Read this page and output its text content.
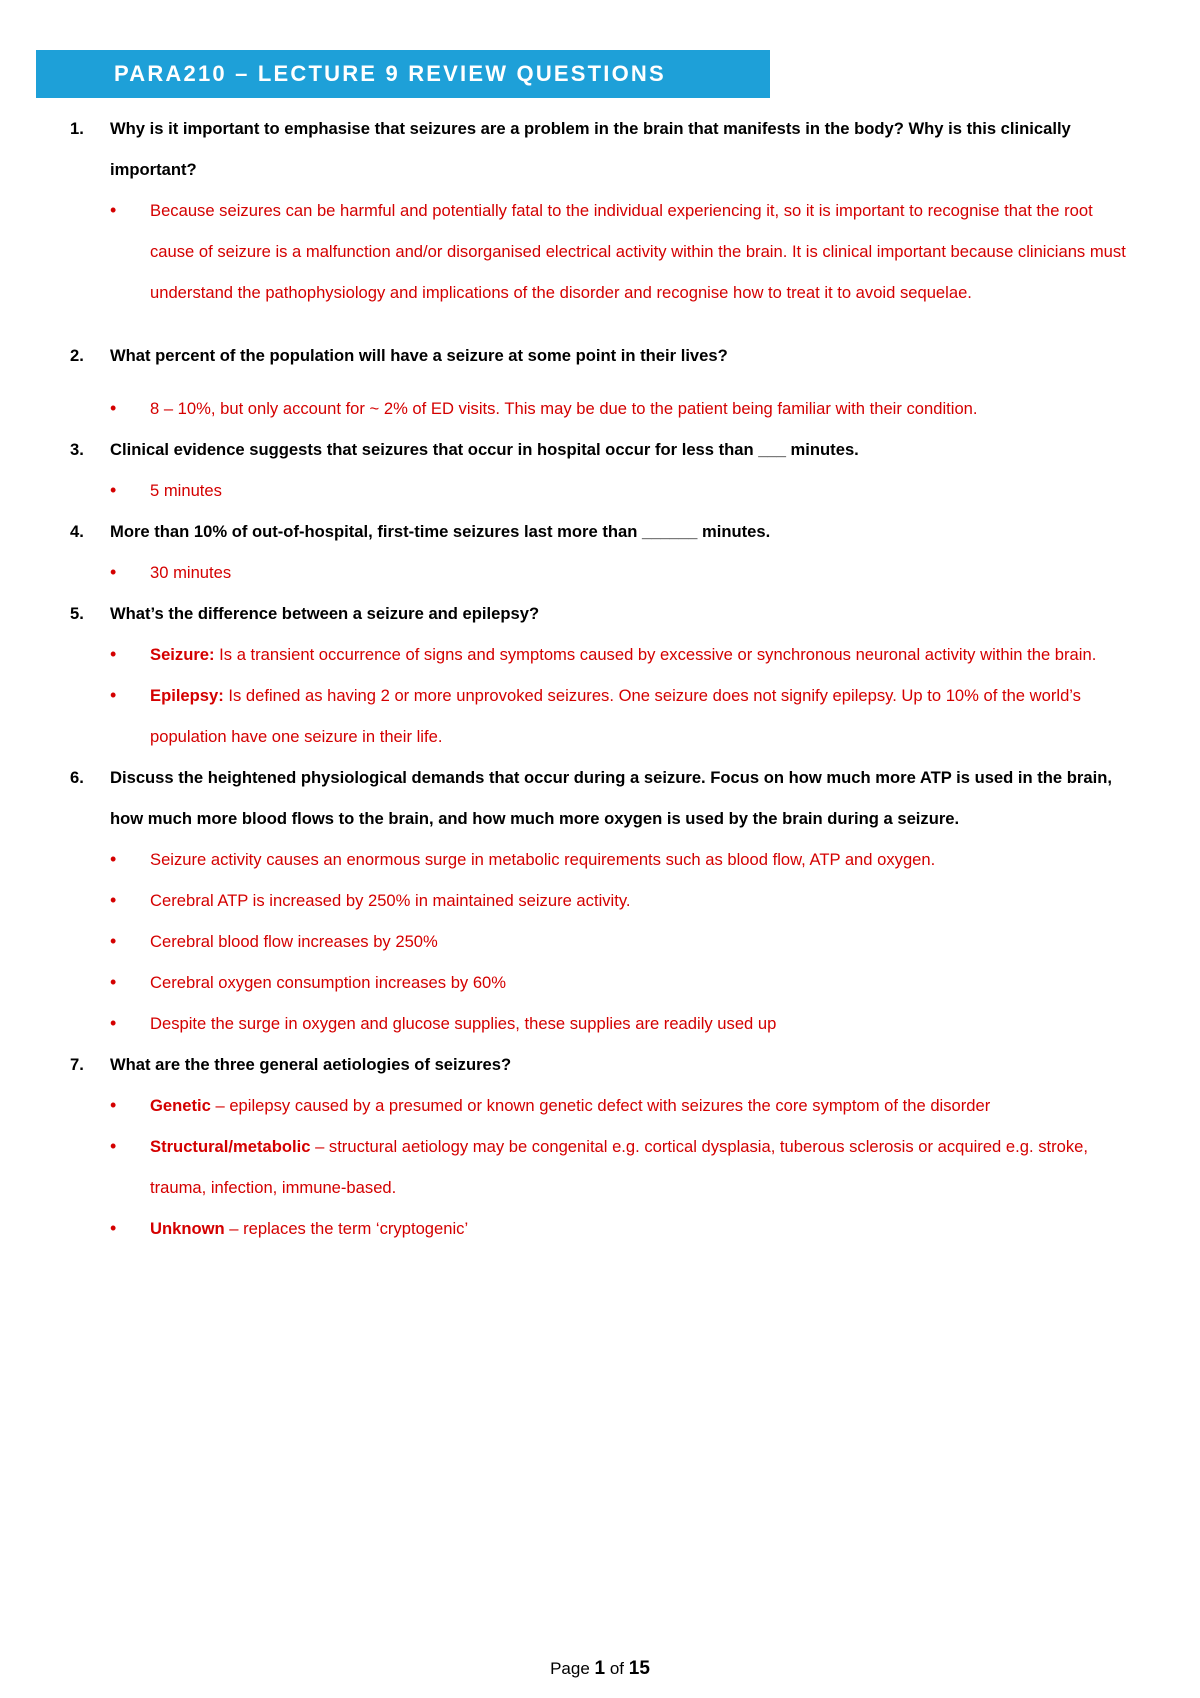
PARA210 – LECTURE 9 REVIEW QUESTIONS
1.	Why is it important to emphasise that seizures are a problem in the brain that manifests in the body? Why is this clinically important?
•	Because seizures can be harmful and potentially fatal to the individual experiencing it, so it is important to recognise that the root cause of seizure is a malfunction and/or disorganised electrical activity within the brain. It is clinical important because clinicians must understand the pathophysiology and implications of the disorder and recognise how to treat it to avoid sequelae.
2.	What percent of the population will have a seizure at some point in their lives?
•	8 – 10%, but only account for ~ 2% of ED visits. This may be due to the patient being familiar with their condition.
3.	Clinical evidence suggests that seizures that occur in hospital occur for less than ___ minutes.
•	5 minutes
4.	More than 10% of out-of-hospital, first-time seizures last more than ______ minutes.
•	30 minutes
5.	What’s the difference between a seizure and epilepsy?
•	Seizure: Is a transient occurrence of signs and symptoms caused by excessive or synchronous neuronal activity within the brain.
•	Epilepsy: Is defined as having 2 or more unprovoked seizures. One seizure does not signify epilepsy. Up to 10% of the world’s population have one seizure in their life.
6.	Discuss the heightened physiological demands that occur during a seizure. Focus on how much more ATP is used in the brain, how much more blood flows to the brain, and how much more oxygen is used by the brain during a seizure.
•	Seizure activity causes an enormous surge in metabolic requirements such as blood flow, ATP and oxygen.
•	Cerebral ATP is increased by 250% in maintained seizure activity.
•	Cerebral blood flow increases by 250%
•	Cerebral oxygen consumption increases by 60%
•	Despite the surge in oxygen and glucose supplies, these supplies are readily used up
7.	What are the three general aetiologies of seizures?
•	Genetic – epilepsy caused by a presumed or known genetic defect with seizures the core symptom of the disorder
•	Structural/metabolic – structural aetiology may be congenital e.g. cortical dysplasia, tuberous sclerosis or acquired e.g. stroke, trauma, infection, immune-based.
•	Unknown – replaces the term ‘cryptogenic’
Page 1 of 15
